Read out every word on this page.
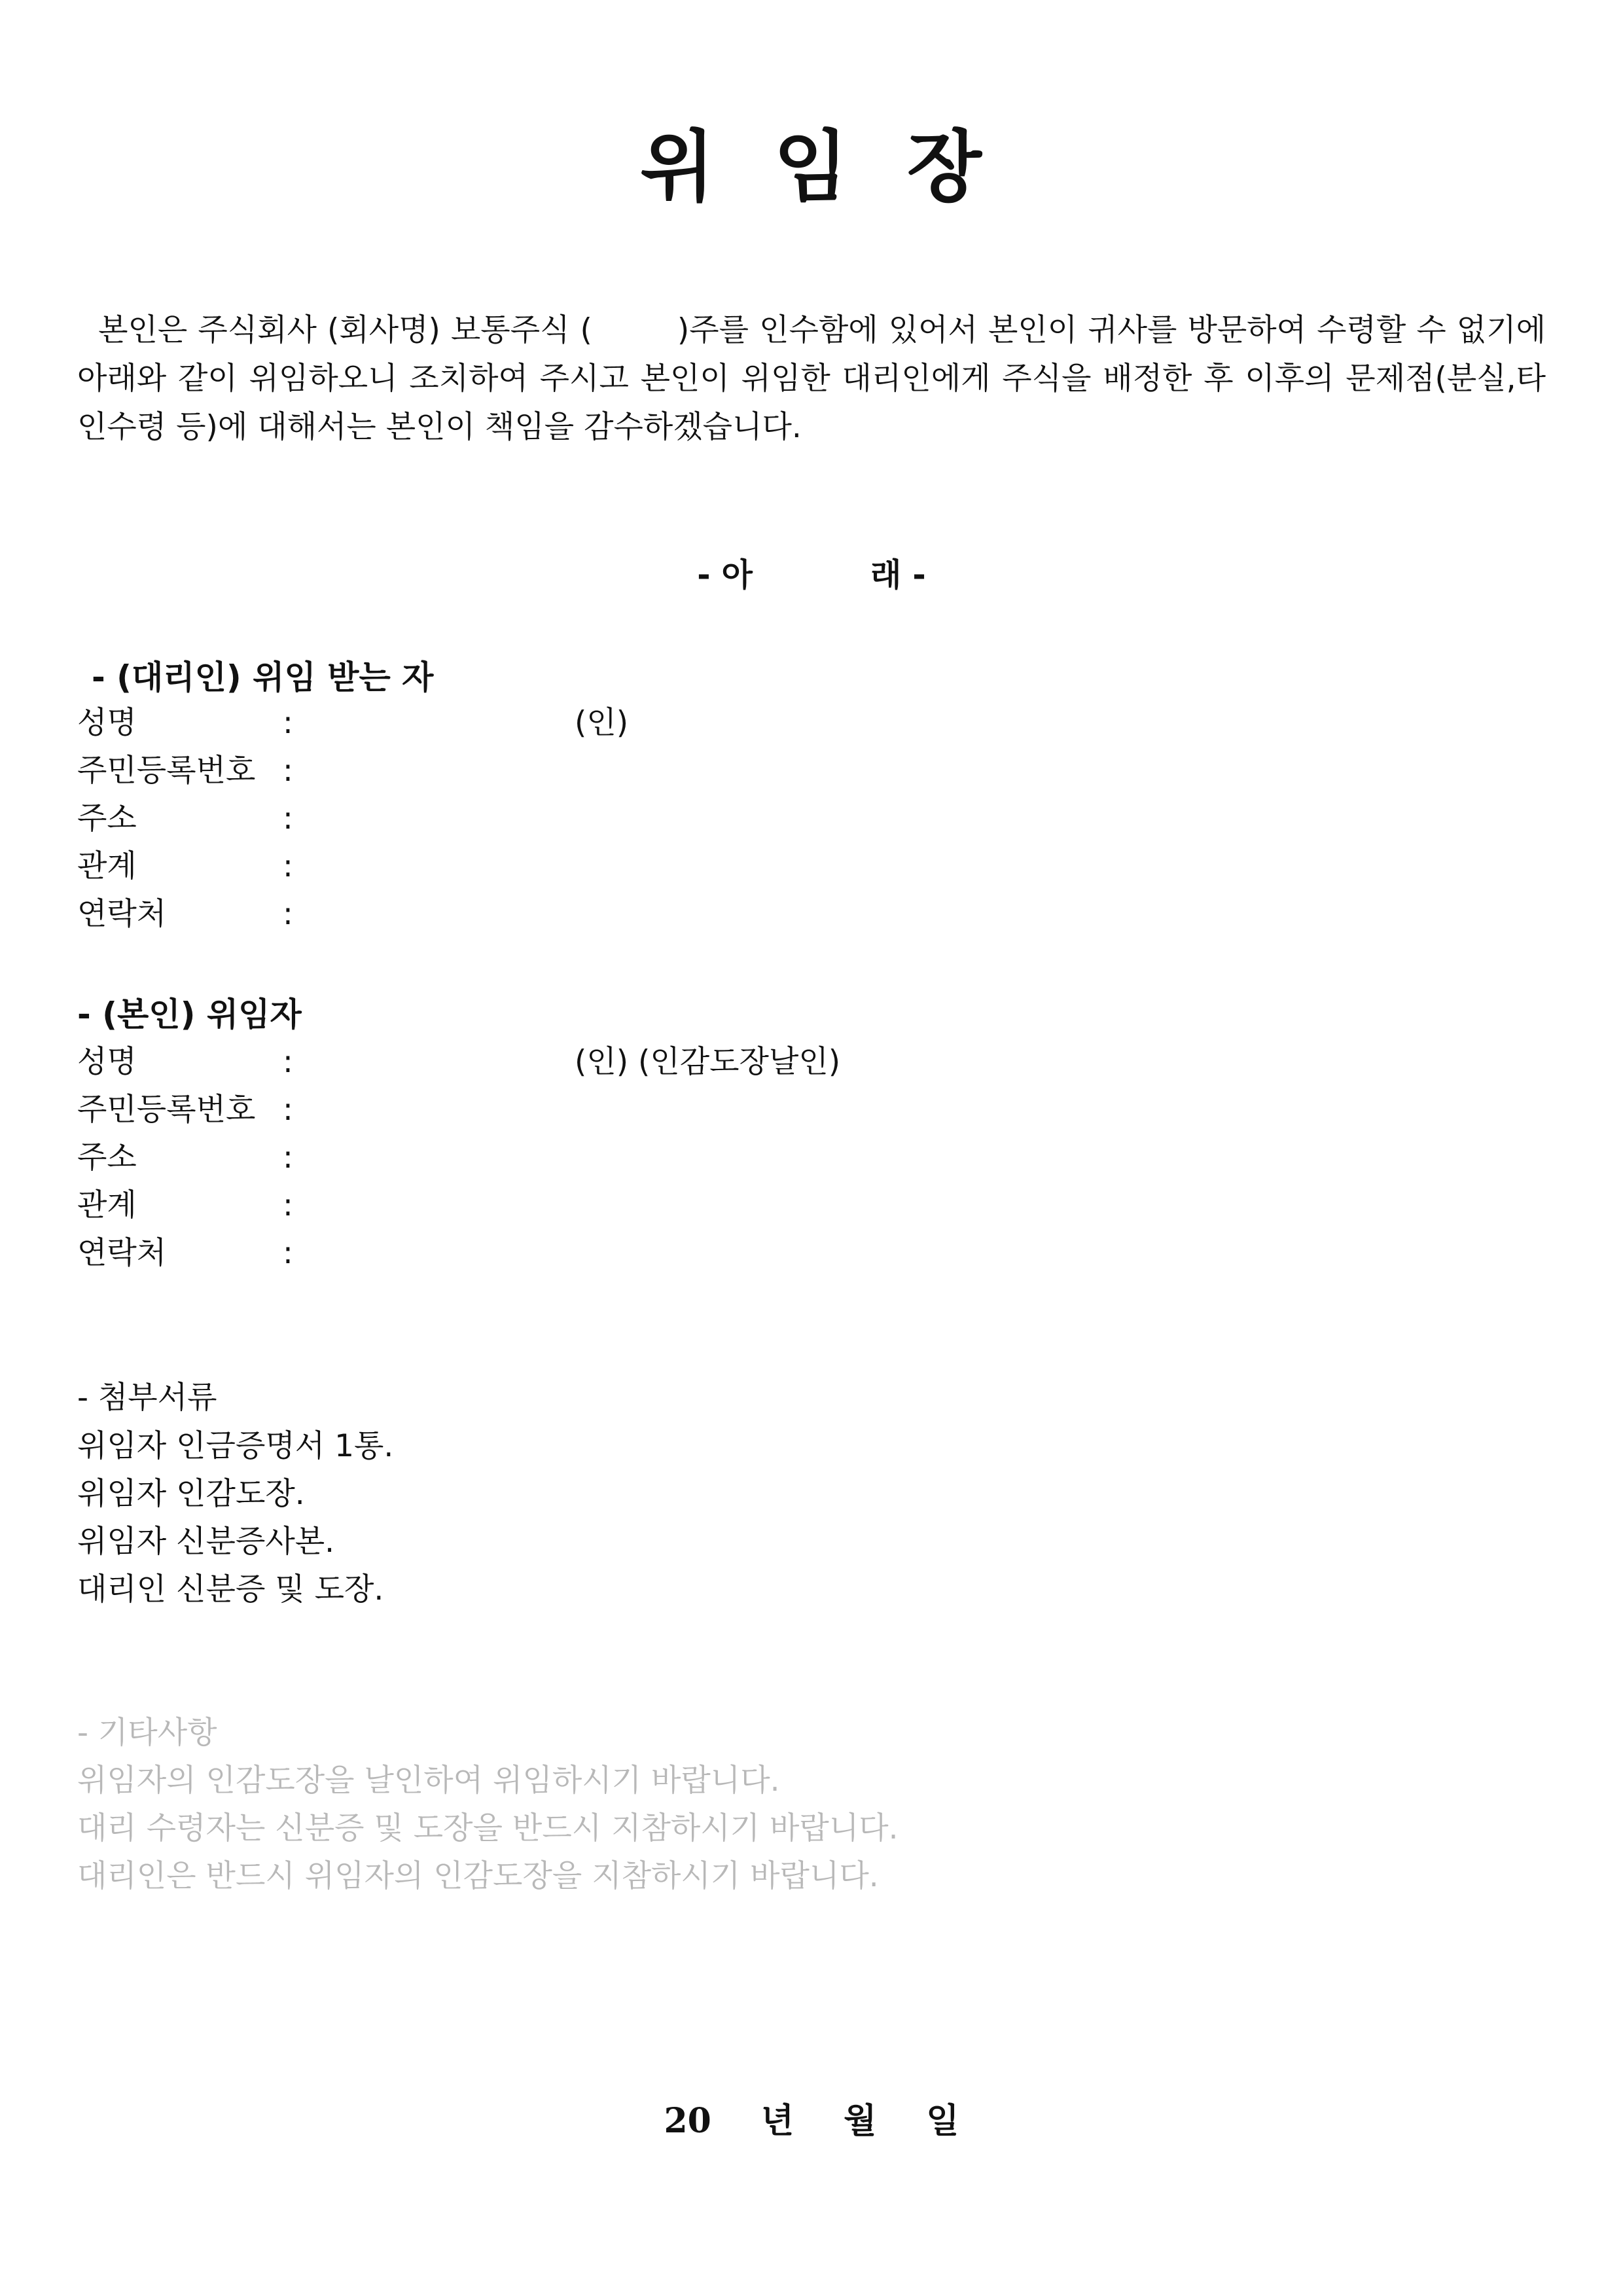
위 임 장

본인은 주식회사 (회사명) 보통주식 (	)주를 인수함에 있어서 본인이 귀사를 방문하여 수령할 수 없기에 아래와 같이 위임하오니 조치하여 주시고 본인이 위임한 대리인에게 주식을 배정한 후 이후의 문제점(분실,타인수령 등)에 대해서는 본인이 책임을 감수하겠습니다.

- 아	래 -
- (대리인) 위임 받는 자
성명	:	(인)
주민등록번호 :
주소	:
관계	:
연락처	:
- (본인) 위임자
성명	:	(인) (인감도장날인)
주민등록번호 :
주소	:
관계	:
연락처	:
- 첨부서류
위임자 인금증명서 1통.
위임자 인감도장.
위임자 신분증사본.
대리인 신분증 및 도장.
- 기타사항
위임자의 인감도장을 날인하여 위임하시기 바랍니다.
대리 수령자는 신분증 및 도장을 반드시 지참하시기 바랍니다.
대리인은 반드시 위임자의 인감도장을 지참하시기 바랍니다.
20 년 월 일
